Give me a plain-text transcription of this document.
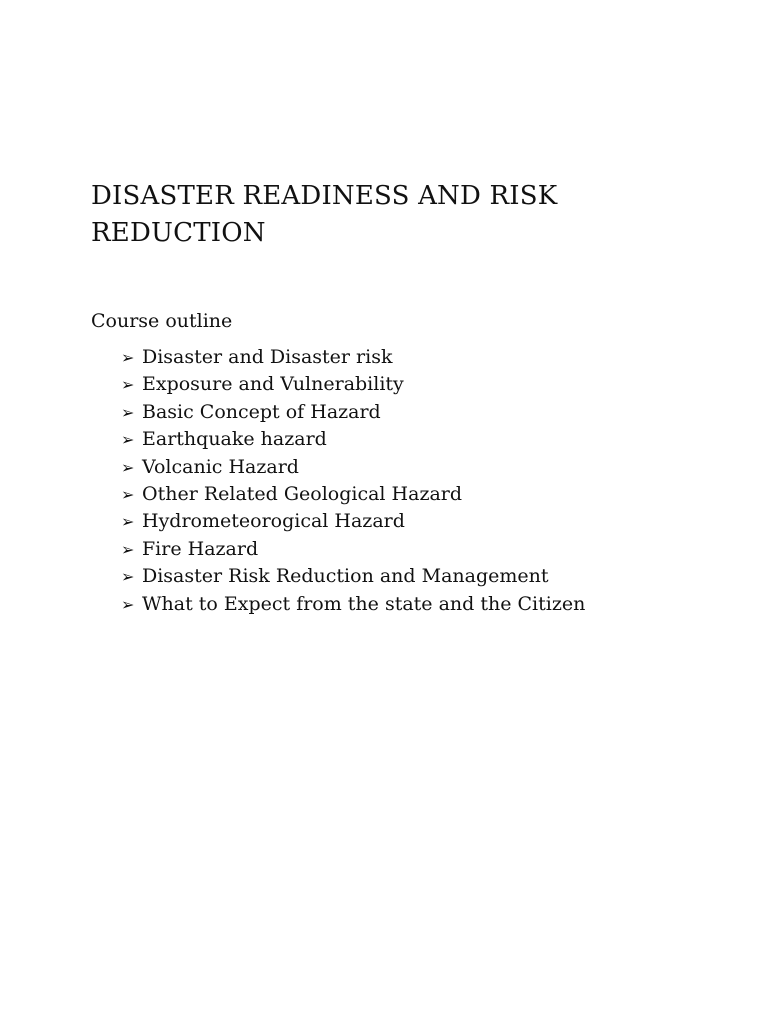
DISASTER READINESS AND RISK REDUCTION

Course outline

➢ Disaster and Disaster risk
➢ Exposure and Vulnerability
➢ Basic Concept of Hazard
➢ Earthquake hazard
➢ Volcanic Hazard
➢ Other Related Geological Hazard
➢ Hydrometeorogical Hazard
➢ Fire Hazard
➢ Disaster Risk Reduction and Management
➢ What to Expect from the state and the Citizen
